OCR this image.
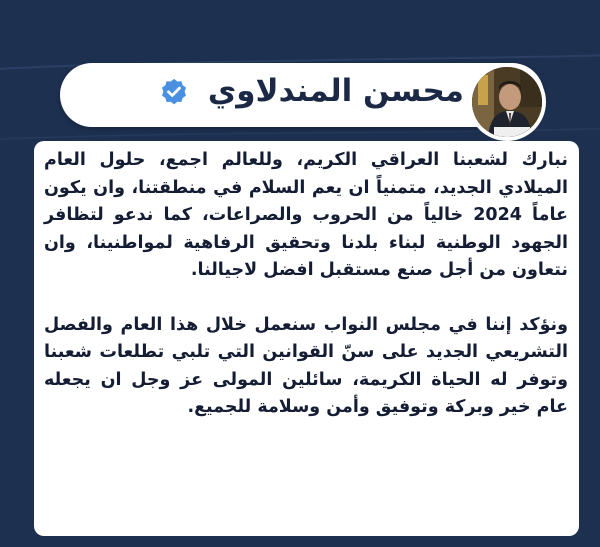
محسن المندلاوي

نبارك لشعبنا العراقي الكريم، وللعالم اجمع، حلول العام الميلادي الجديد، متمنياً ان يعم السلام في منطقتنا، وان يكون عاماً 2024 خالياً من الحروب والصراعات، كما ندعو لتظافر الجهود الوطنية لبناء بلدنا وتحقيق الرفاهية لمواطنينا، وان نتعاون من أجل صنع مستقبل افضل لاجيالنا.

ونؤكد إننا في مجلس النواب سنعمل خلال هذا العام والفصل التشريعي الجديد على سنّ القوانين التي تلبي تطلعات شعبنا وتوفر له الحياة الكريمة، سائلين المولى عز وجل ان يجعله عام خير وبركة وتوفيق وأمن وسلامة للجميع.
